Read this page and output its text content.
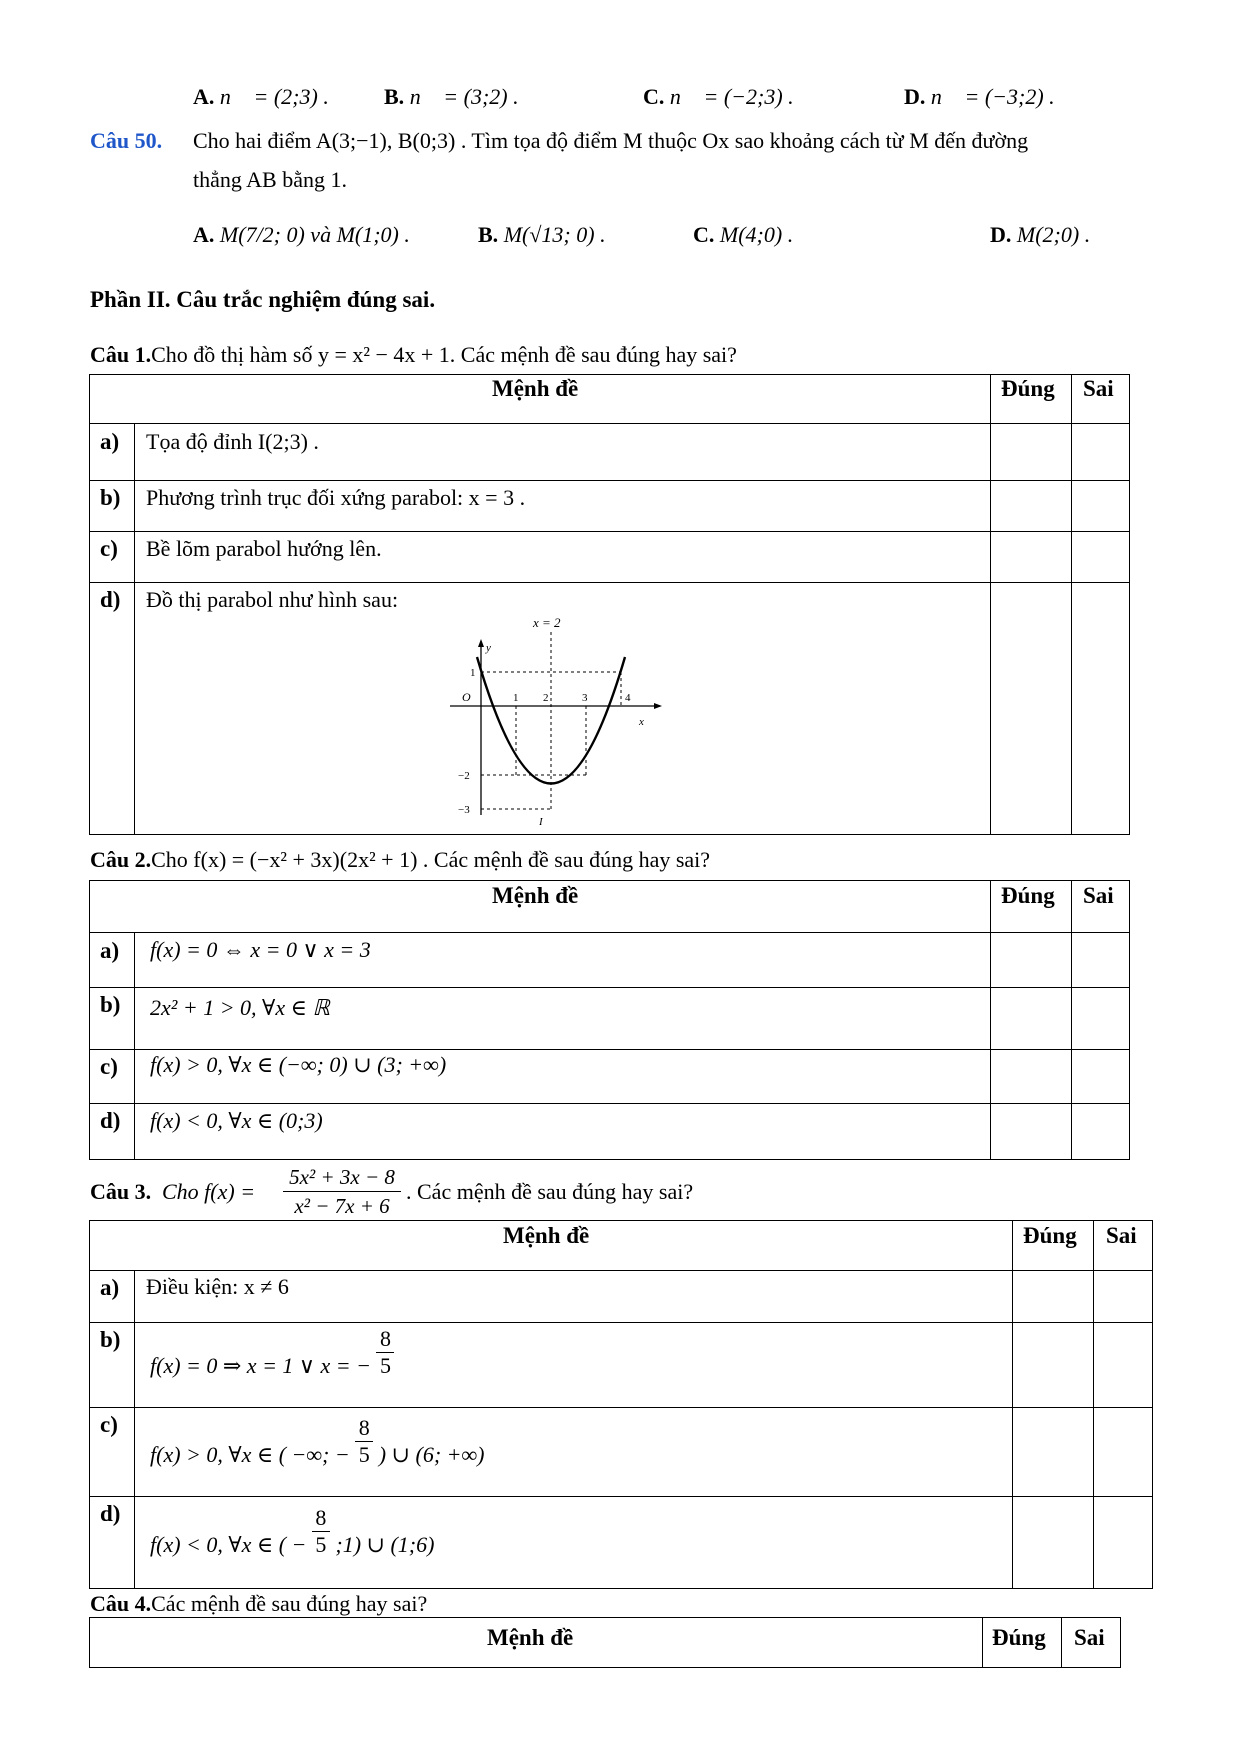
A. n⃗ = (2;3) .	B. n⃗ = (3;2) .	C. n⃗ = (−2;3) .	D. n⃗ = (−3;2) .
Câu 50. Cho hai điểm A(3;−1), B(0;3) . Tìm tọa độ điểm M thuộc Ox sao khoảng cách từ M đến đường
thẳng AB bằng 1.
A. M(7/2; 0) và M(1;0) .	B. M(√13; 0) .	C. M(4;0) .	D. M(2;0) .
Phần II. Câu trắc nghiệm đúng sai.
Câu 1.Cho đồ thị hàm số y = x² − 4x + 1. Các mệnh đề sau đúng hay sai?
Mệnh đề	Đúng Sai
a) Tọa độ đỉnh I(2;3) .
b) Phương trình trục đối xứng parabol: x = 3 .
c) Bề lõm parabol hướng lên.
d) Đồ thị parabol như hình sau:
x = 2
y
x
O	1 2	3	4
1
−2
−3
I
Câu 2.Cho f(x) = (−x² + 3x)(2x² + 1) . Các mệnh đề sau đúng hay sai?
Mệnh đề	Đúng Sai
a) f(x) = 0 ⇔ x = 0 ∨ x = 3
b) 2x² + 1 > 0, ∀x ∈ ℝ
c) f(x) > 0, ∀x ∈ (−∞; 0) ∪ (3; +∞)
d) f(x) < 0, ∀x ∈ (0;3)
Câu 3. Cho f(x) =
5x² + 3x − 8
x² − 7x + 6
. Các mệnh đề sau đúng hay sai?
Mệnh đề	Đúng Sai
a) Điều kiện: x ≠ 6
b)
f(x) = 0 ⇒ x = 1 ∨ x = − $\frac{8}{5}$
c)
f(x) > 0, ∀x ∈ ( −∞; − $\frac{8}{5}$ ) ∪ (6; +∞)
d)
f(x) < 0, ∀x ∈ ( − $\frac{8}{5}$ ;1) ∪ (1;6)
Câu 4.Các mệnh đề sau đúng hay sai?
Mệnh đề	Đúng Sai
